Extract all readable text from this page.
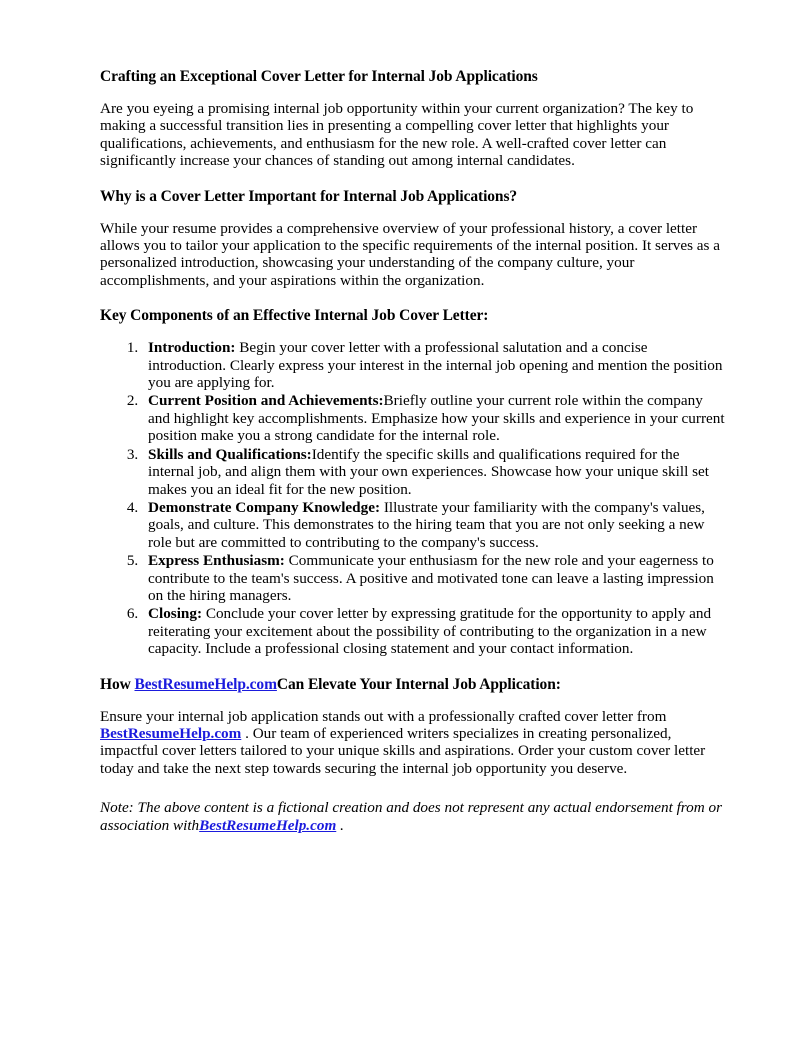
Crafting an Exceptional Cover Letter for Internal Job Applications

Are you eyeing a promising internal job opportunity within your current organization? The key to making a successful transition lies in presenting a compelling cover letter that highlights your qualifications, achievements, and enthusiasm for the new role. A well-crafted cover letter can significantly increase your chances of standing out among internal candidates.

Why is a Cover Letter Important for Internal Job Applications?

While your resume provides a comprehensive overview of your professional history, a cover letter allows you to tailor your application to the specific requirements of the internal position. It serves as a personalized introduction, showcasing your understanding of the company culture, your accomplishments, and your aspirations within the organization.

Key Components of an Effective Internal Job Cover Letter:
1. Introduction: Begin your cover letter with a professional salutation and a concise introduction. Clearly express your interest in the internal job opening and mention the position you are applying for.
2. Current Position and Achievements:Briefly outline your current role within the company and highlight key accomplishments. Emphasize how your skills and experience in your current position make you a strong candidate for the internal role.
3. Skills and Qualifications:Identify the specific skills and qualifications required for the internal job, and align them with your own experiences. Showcase how your unique skill set makes you an ideal fit for the new position.
4. Demonstrate Company Knowledge: Illustrate your familiarity with the company's values, goals, and culture. This demonstrates to the hiring team that you are not only seeking a new role but are committed to contributing to the company's success.
5. Express Enthusiasm: Communicate your enthusiasm for the new role and your eagerness to contribute to the team's success. A positive and motivated tone can leave a lasting impression on the hiring managers.
6. Closing: Conclude your cover letter by expressing gratitude for the opportunity to apply and reiterating your excitement about the possibility of contributing to the organization in a new capacity. Include a professional closing statement and your contact information.
How BestResumeHelp.comCan Elevate Your Internal Job Application:

Ensure your internal job application stands out with a professionally crafted cover letter from BestResumeHelp.com . Our team of experienced writers specializes in creating personalized, impactful cover letters tailored to your unique skills and aspirations. Order your custom cover letter today and take the next step towards securing the internal job opportunity you deserve.

Note: The above content is a fictional creation and does not represent any actual endorsement from or association withBestResumeHelp.com .
